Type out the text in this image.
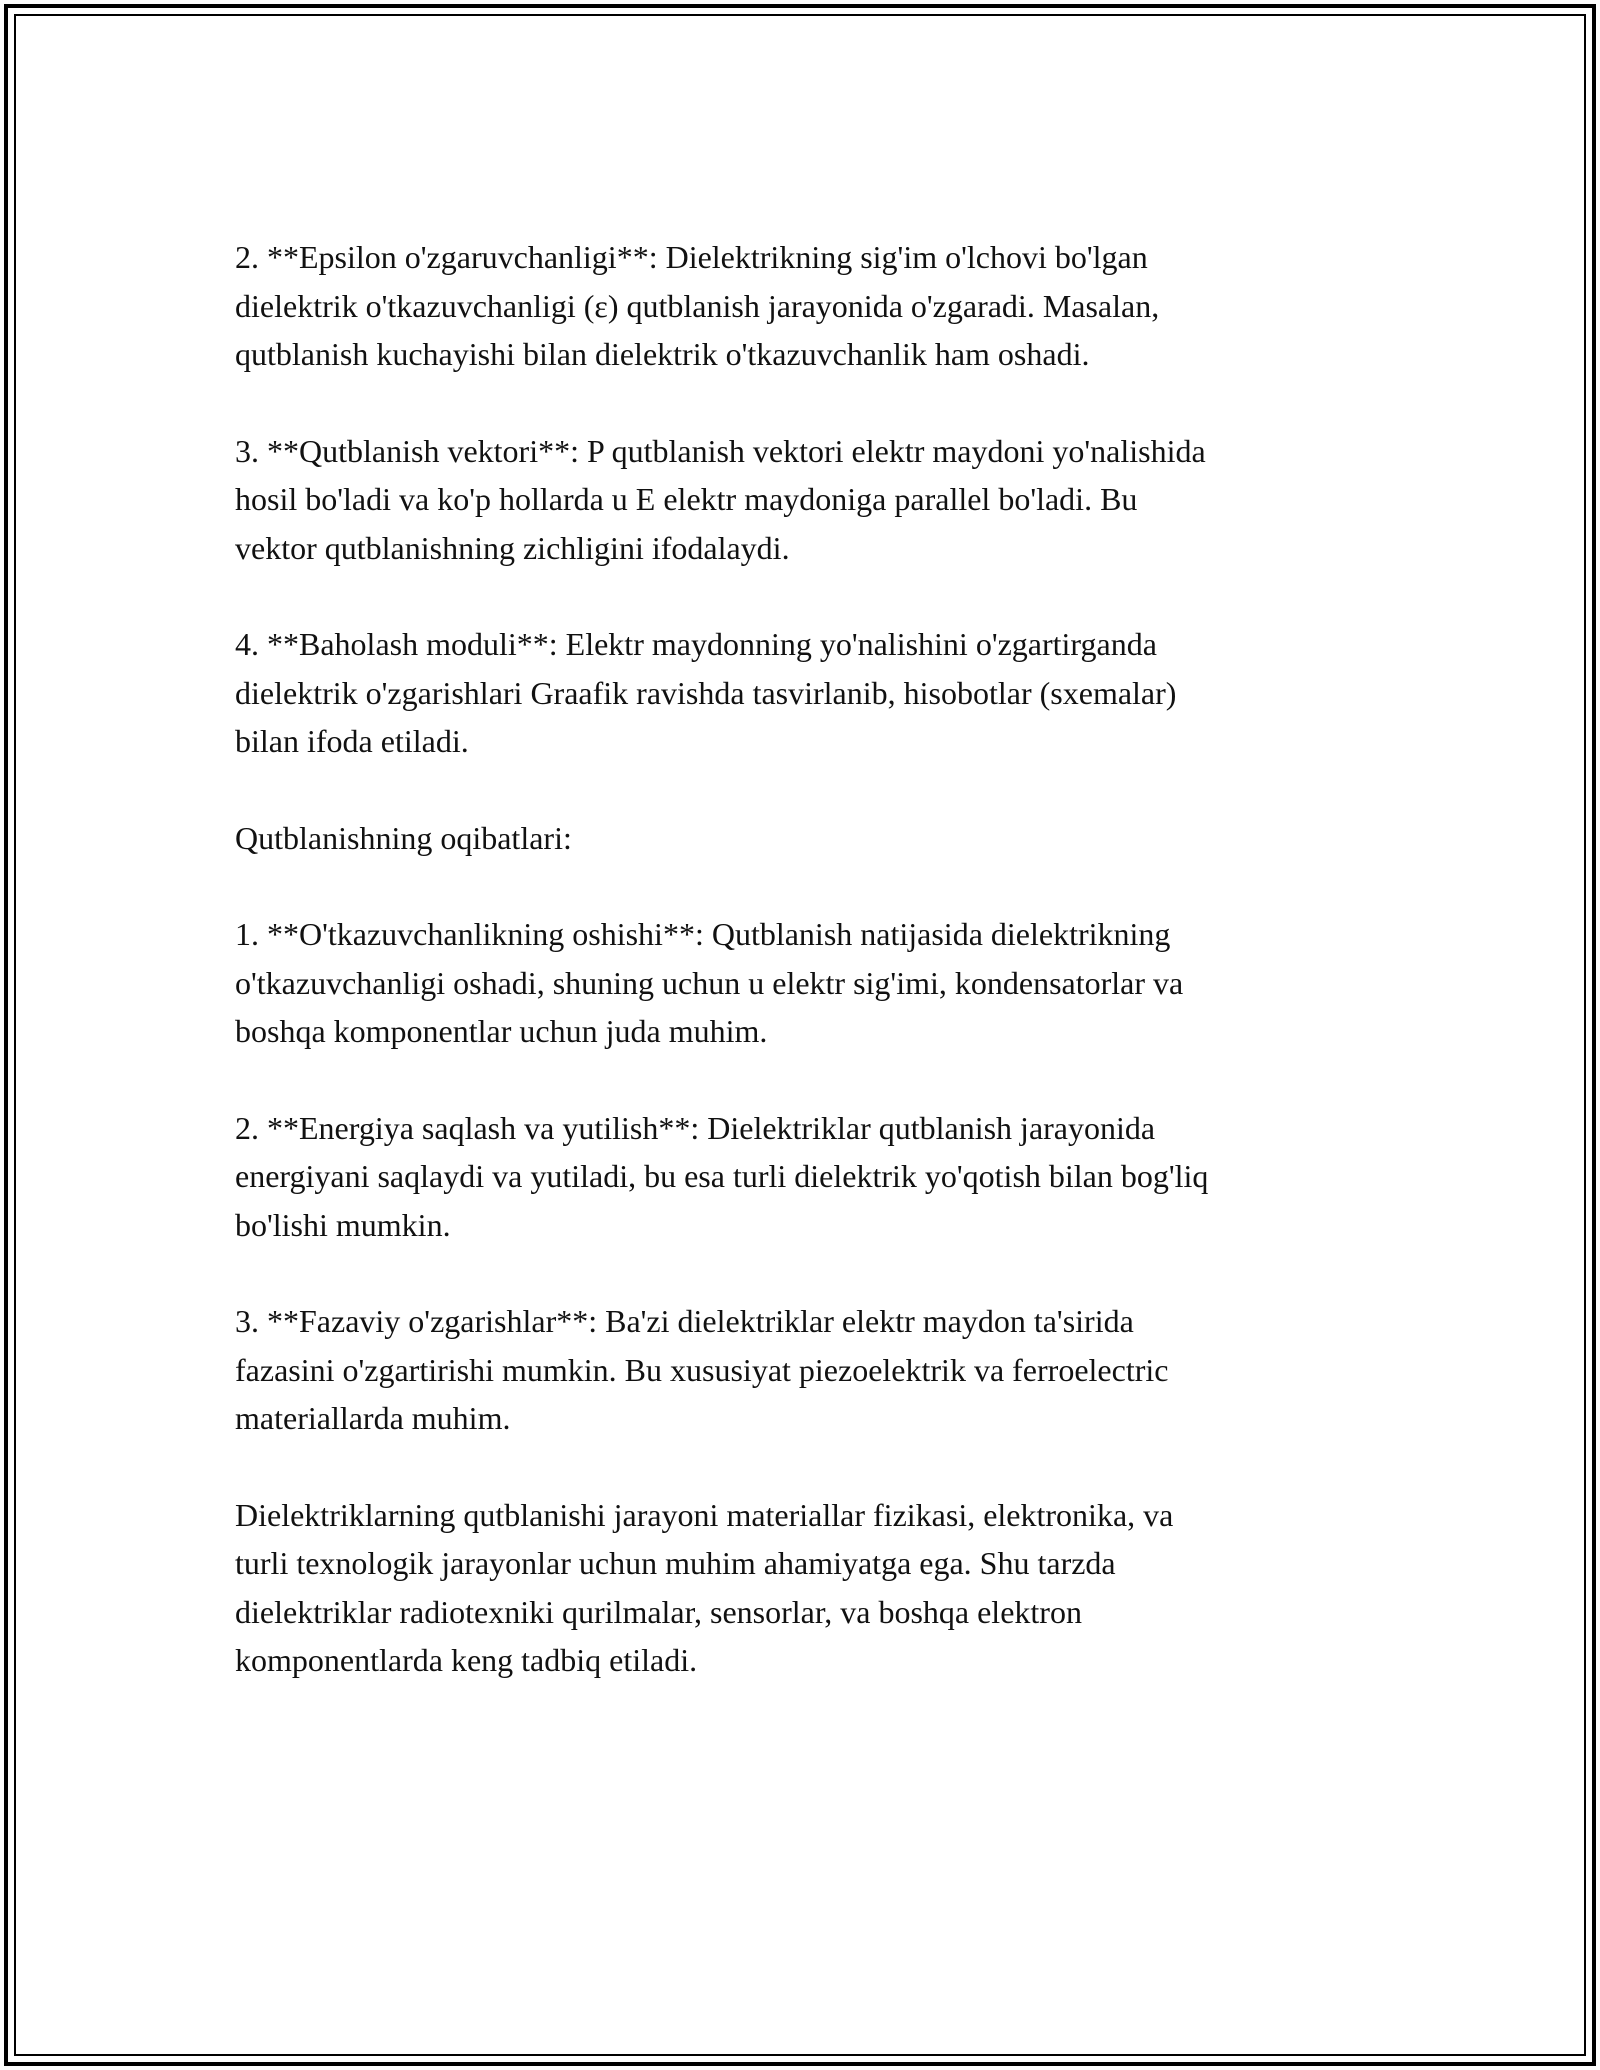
2. **Epsilon o'zgaruvchanligi**: Dielektrikning sig'im o'lchovi bo'lgan
dielektrik o'tkazuvchanligi (ε) qutblanish jarayonida o'zgaradi. Masalan,
qutblanish kuchayishi bilan dielektrik o'tkazuvchanlik ham oshadi.

3. **Qutblanish vektori**: P qutblanish vektori elektr maydoni yo'nalishida
hosil bo'ladi va ko'p hollarda u E elektr maydoniga parallel bo'ladi. Bu
vektor qutblanishning zichligini ifodalaydi.

4. **Baholash moduli**: Elektr maydonning yo'nalishini o'zgartirganda
dielektrik o'zgarishlari Graafik ravishda tasvirlanib, hisobotlar (sxemalar)
bilan ifoda etiladi.

Qutblanishning oqibatlari:

1. **O'tkazuvchanlikning oshishi**: Qutblanish natijasida dielektrikning
o'tkazuvchanligi oshadi, shuning uchun u elektr sig'imi, kondensatorlar va
boshqa komponentlar uchun juda muhim.

2. **Energiya saqlash va yutilish**: Dielektriklar qutblanish jarayonida
energiyani saqlaydi va yutiladi, bu esa turli dielektrik yo'qotish bilan bog'liq
bo'lishi mumkin.

3. **Fazaviy o'zgarishlar**: Ba'zi dielektriklar elektr maydon ta'sirida
fazasini o'zgartirishi mumkin. Bu xususiyat piezoelektrik va ferroelectric
materiallarda muhim.

Dielektriklarning qutblanishi jarayoni materiallar fizikasi, elektronika, va
turli texnologik jarayonlar uchun muhim ahamiyatga ega. Shu tarzda
dielektriklar radiotexniki qurilmalar, sensorlar, va boshqa elektron
komponentlarda keng tadbiq etiladi.
